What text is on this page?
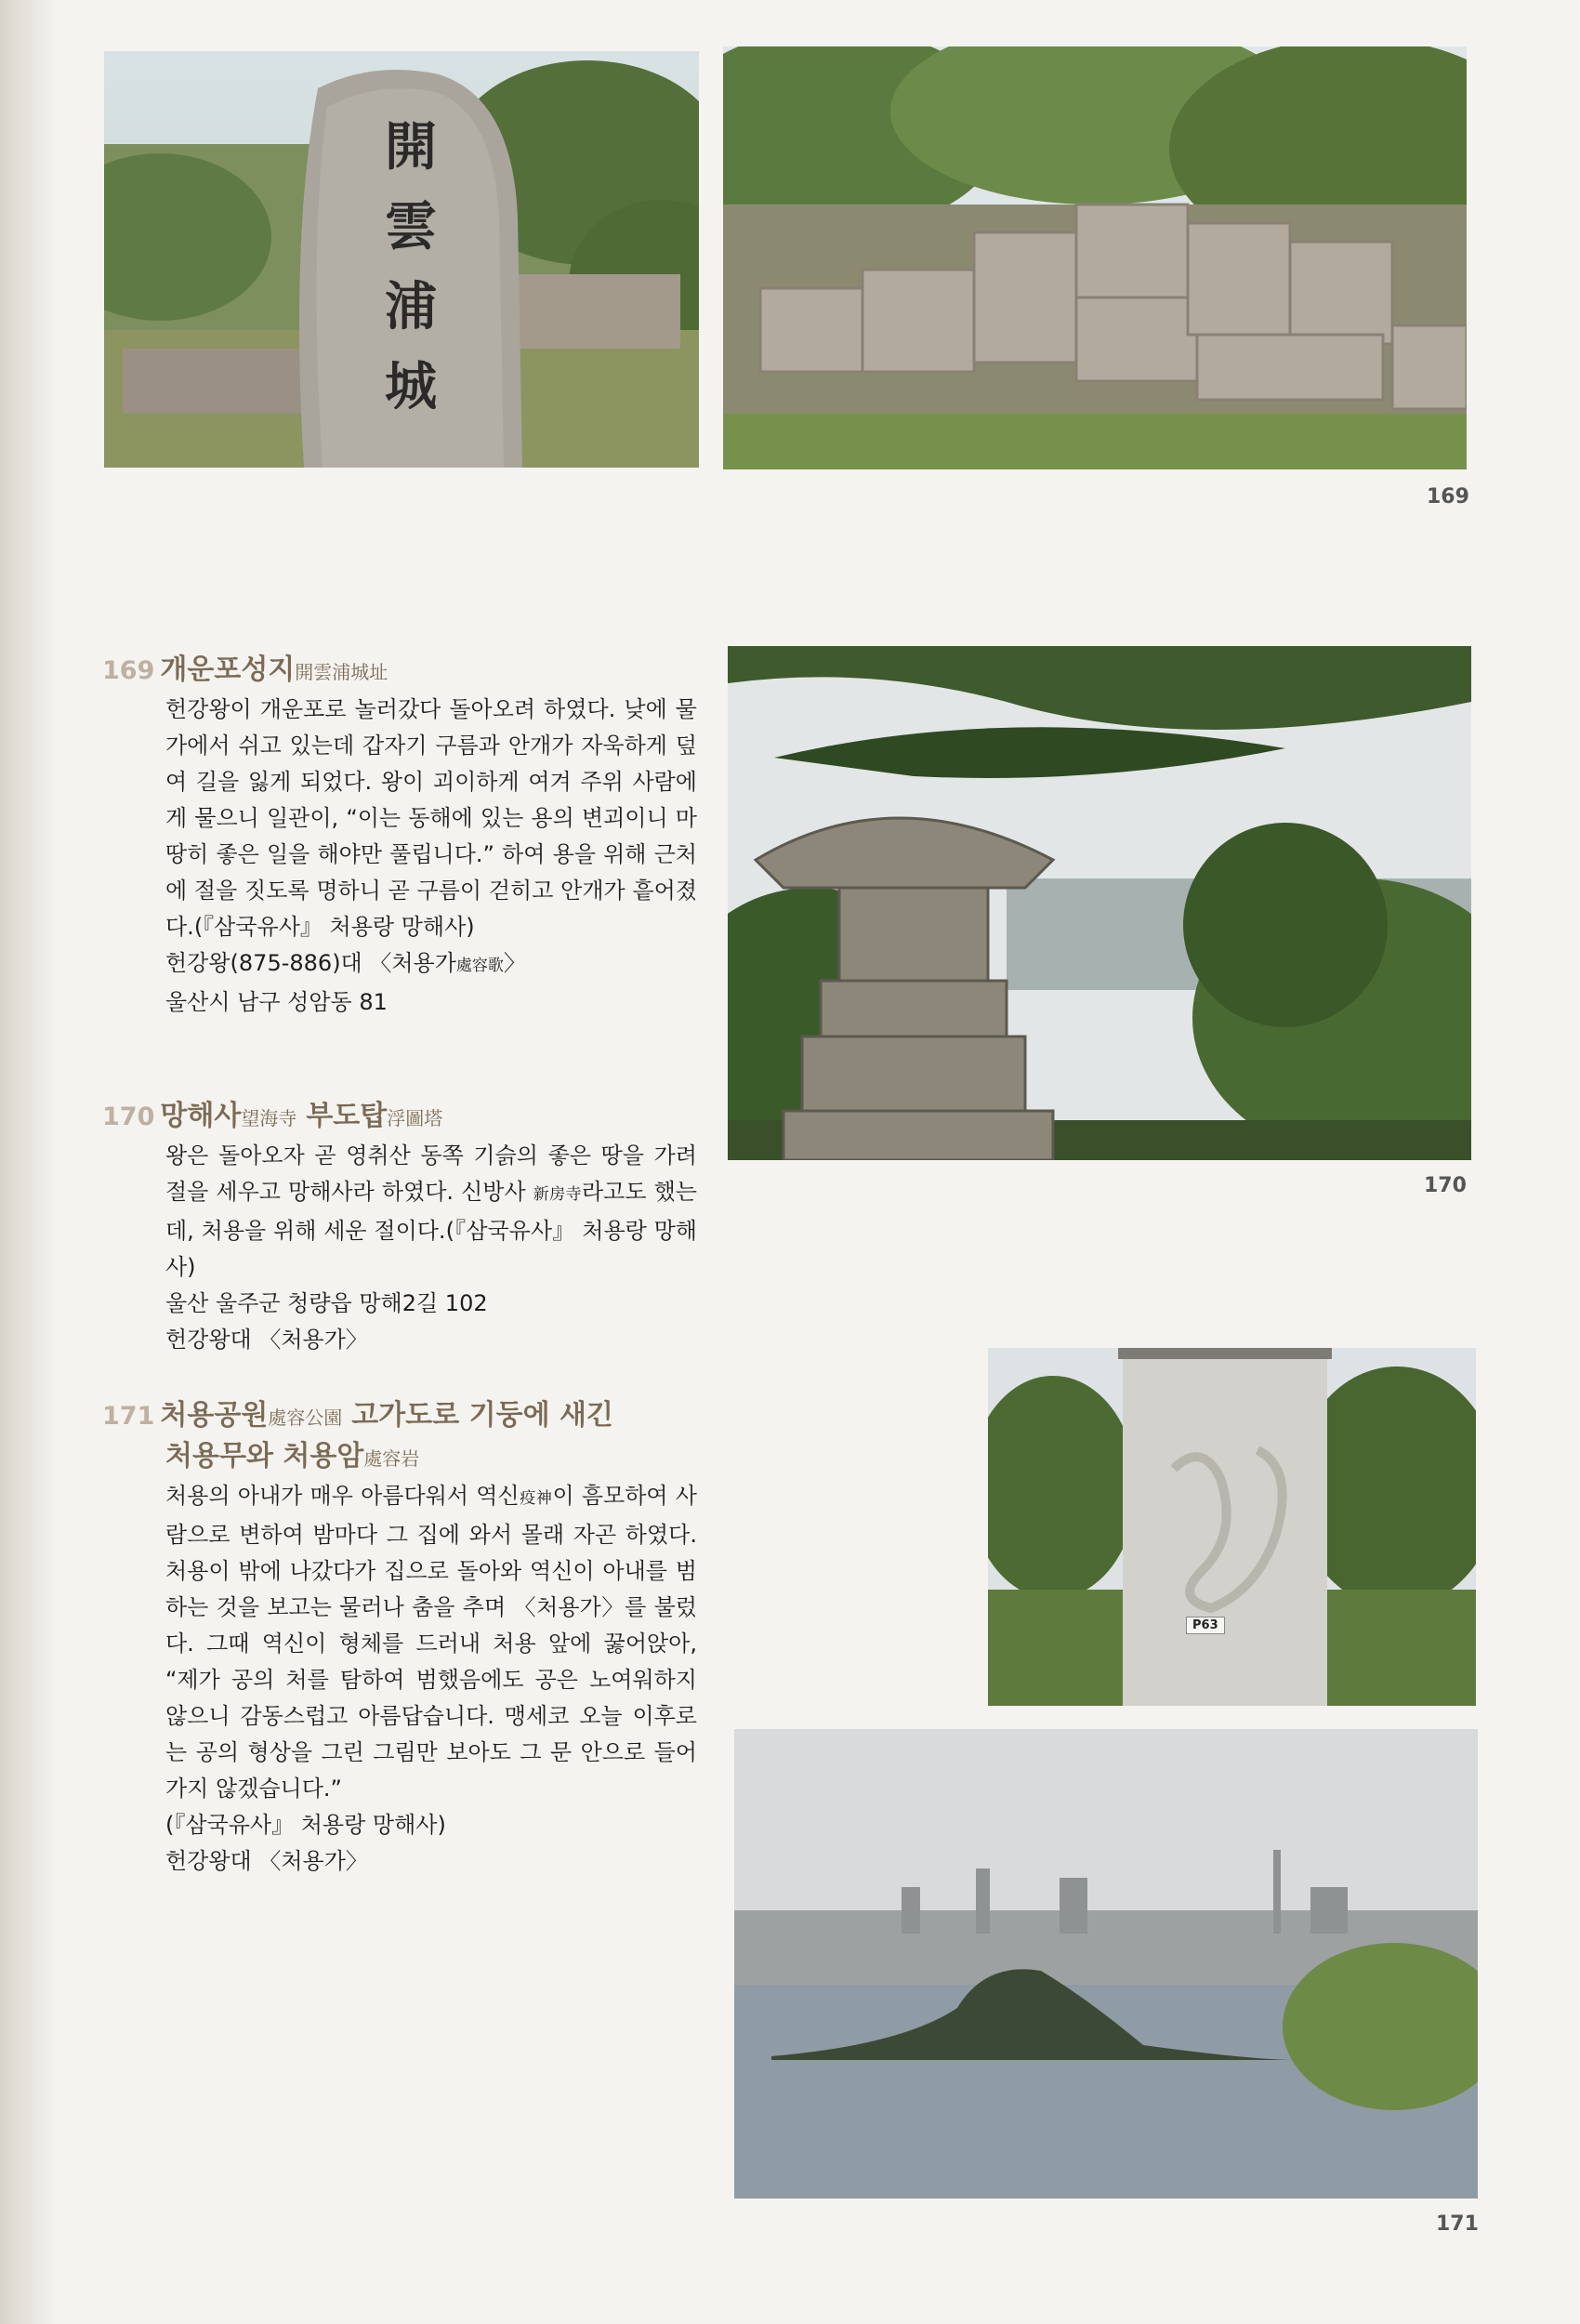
開
雲
浦
城
169
170
P63
171
169 개운포성지開雲浦城址

헌강왕이 개운포로 놀러갔다 돌아오려 하였다. 낮에 물가에서 쉬고 있는데 갑자기 구름과 안개가 자욱하게 덮여 길을 잃게 되었다. 왕이 괴이하게 여겨 주위 사람에게 물으니 일관이, “이는 동해에 있는 용의 변괴이니 마땅히 좋은 일을 해야만 풀립니다.” 하여 용을 위해 근처에 절을 짓도록 명하니 곧 구름이 걷히고 안개가 흩어졌다.(『삼국유사』 처용랑 망해사)

헌강왕(875-886)대 〈처용가處容歌〉

울산시 남구 성암동 81

170 망해사望海寺 부도탑浮圖塔

왕은 돌아오자 곧 영취산 동쪽 기슭의 좋은 땅을 가려 절을 세우고 망해사라 하였다. 신방사 新房寺라고도 했는데, 처용을 위해 세운 절이다.(『삼국유사』 처용랑 망해사)

울산 울주군 청량읍 망해2길 102

헌강왕대 〈처용가〉

171 처용공원處容公園 고가도로 기둥에 새긴
처용무와 처용암處容岩

처용의 아내가 매우 아름다워서 역신疫神이 흠모하여 사람으로 변하여 밤마다 그 집에 와서 몰래 자곤 하였다. 처용이 밖에 나갔다가 집으로 돌아와 역신이 아내를 범하는 것을 보고는 물러나 춤을 추며 〈처용가〉를 불렀다. 그때 역신이 형체를 드러내 처용 앞에 꿇어앉아, “제가 공의 처를 탐하여 범했음에도 공은 노여워하지 않으니 감동스럽고 아름답습니다. 맹세코 오늘 이후로는 공의 형상을 그린 그림만 보아도 그 문 안으로 들어가지 않겠습니다.”

(『삼국유사』 처용랑 망해사)

헌강왕대 〈처용가〉
